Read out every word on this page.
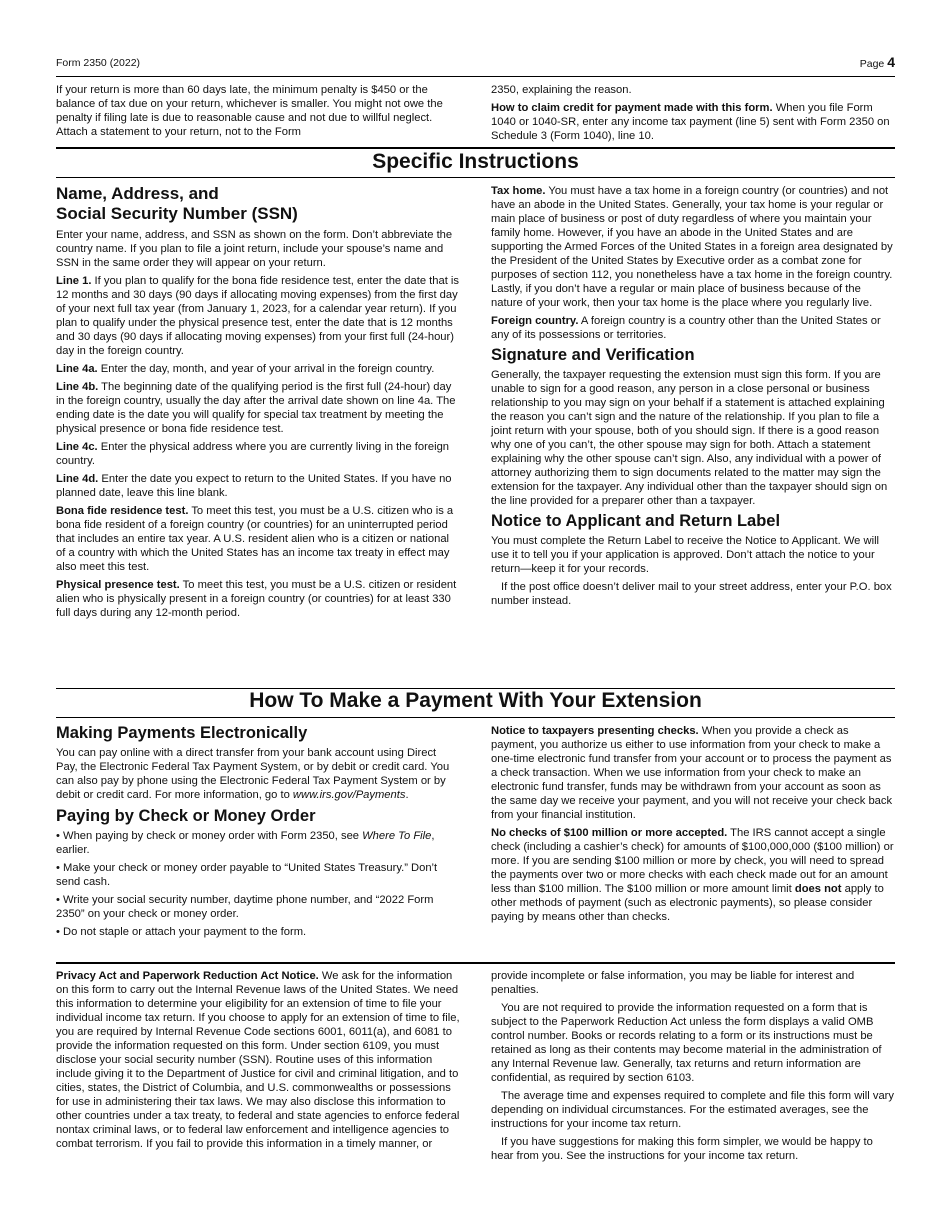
Form 2350 (2022)	Page 4

If your return is more than 60 days late, the minimum penalty is $450 or the balance of tax due on your return, whichever is smaller. You might not owe the penalty if filing late is due to reasonable cause and not due to willful neglect. Attach a statement to your return, not to the Form

2350, explaining the reason.

How to claim credit for payment made with this form. When you file Form 1040 or 1040-SR, enter any income tax payment (line 5) sent with Form 2350 on Schedule 3 (Form 1040), line 10.

Specific Instructions
Name, Address, and
Social Security Number (SSN)

Enter your name, address, and SSN as shown on the form. Don’t abbreviate the country name. If you plan to file a joint return, include your spouse’s name and SSN in the same order they will appear on your return.

Line 1. If you plan to qualify for the bona fide residence test, enter the date that is 12 months and 30 days (90 days if allocating moving expenses) from the first day of your next full tax year (from January 1, 2023, for a calendar year return). If you plan to qualify under the physical presence test, enter the date that is 12 months and 30 days (90 days if allocating moving expenses) from your first full (24-hour) day in the foreign country.

Line 4a. Enter the day, month, and year of your arrival in the foreign country.

Line 4b. The beginning date of the qualifying period is the first full (24-hour) day in the foreign country, usually the day after the arrival date shown on line 4a. The ending date is the date you will qualify for special tax treatment by meeting the physical presence or bona fide residence test.

Line 4c. Enter the physical address where you are currently living in the foreign country.

Line 4d. Enter the date you expect to return to the United States. If you have no planned date, leave this line blank.

Bona fide residence test. To meet this test, you must be a U.S. citizen who is a bona fide resident of a foreign country (or countries) for an uninterrupted period that includes an entire tax year. A U.S. resident alien who is a citizen or national of a country with which the United States has an income tax treaty in effect may also meet this test.

Physical presence test. To meet this test, you must be a U.S. citizen or resident alien who is physically present in a foreign country (or countries) for at least 330 full days during any 12-month period.

Tax home. You must have a tax home in a foreign country (or countries) and not have an abode in the United States. Generally, your tax home is your regular or main place of business or post of duty regardless of where you maintain your family home. However, if you have an abode in the United States and are supporting the Armed Forces of the United States in a foreign area designated by the President of the United States by Executive order as a combat zone for purposes of section 112, you nonetheless have a tax home in the foreign country. Lastly, if you don’t have a regular or main place of business because of the nature of your work, then your tax home is the place where you regularly live.

Foreign country. A foreign country is a country other than the United States or any of its possessions or territories.

Signature and Verification

Generally, the taxpayer requesting the extension must sign this form. If you are unable to sign for a good reason, any person in a close personal or business relationship to you may sign on your behalf if a statement is attached explaining the reason you can’t sign and the nature of the relationship. If you plan to file a joint return with your spouse, both of you should sign. If there is a good reason why one of you can’t, the other spouse may sign for both. Attach a statement explaining why the other spouse can’t sign. Also, any individual with a power of attorney authorizing them to sign documents related to the matter may sign the extension for the taxpayer. Any individual other than the taxpayer should sign on the line provided for a preparer other than a taxpayer.

Notice to Applicant and Return Label

You must complete the Return Label to receive the Notice to Applicant. We will use it to tell you if your application is approved. Don’t attach the notice to your return—keep it for your records.

If the post office doesn’t deliver mail to your street address, enter your P.O. box number instead.

How To Make a Payment With Your Extension
Making Payments Electronically

You can pay online with a direct transfer from your bank account using Direct Pay, the Electronic Federal Tax Payment System, or by debit or credit card. You can also pay by phone using the Electronic Federal Tax Payment System or by debit or credit card. For more information, go to www.irs.gov/Payments.

Paying by Check or Money Order

• When paying by check or money order with Form 2350, see Where To File, earlier.

• Make your check or money order payable to “United States Treasury.” Don’t send cash.

• Write your social security number, daytime phone number, and “2022 Form 2350” on your check or money order.

• Do not staple or attach your payment to the form.

Notice to taxpayers presenting checks. When you provide a check as payment, you authorize us either to use information from your check to make a one-time electronic fund transfer from your account or to process the payment as a check transaction. When we use information from your check to make an electronic fund transfer, funds may be withdrawn from your account as soon as the same day we receive your payment, and you will not receive your check back from your financial institution.

No checks of $100 million or more accepted. The IRS cannot accept a single check (including a cashier’s check) for amounts of $100,000,000 ($100 million) or more. If you are sending $100 million or more by check, you will need to spread the payments over two or more checks with each check made out for an amount less than $100 million. The $100 million or more amount limit does not apply to other methods of payment (such as electronic payments), so please consider paying by means other than checks.

Privacy Act and Paperwork Reduction Act Notice. We ask for the information on this form to carry out the Internal Revenue laws of the United States. We need this information to determine your eligibility for an extension of time to file your individual income tax return. If you choose to apply for an extension of time to file, you are required by Internal Revenue Code sections 6001, 6011(a), and 6081 to provide the information requested on this form. Under section 6109, you must disclose your social security number (SSN). Routine uses of this information include giving it to the Department of Justice for civil and criminal litigation, and to cities, states, the District of Columbia, and U.S. commonwealths or possessions for use in administering their tax laws. We may also disclose this information to other countries under a tax treaty, to federal and state agencies to enforce federal nontax criminal laws, or to federal law enforcement and intelligence agencies to combat terrorism. If you fail to provide this information in a timely manner, or

provide incomplete or false information, you may be liable for interest and penalties.

You are not required to provide the information requested on a form that is subject to the Paperwork Reduction Act unless the form displays a valid OMB control number. Books or records relating to a form or its instructions must be retained as long as their contents may become material in the administration of any Internal Revenue law. Generally, tax returns and return information are confidential, as required by section 6103.

The average time and expenses required to complete and file this form will vary depending on individual circumstances. For the estimated averages, see the instructions for your income tax return.

If you have suggestions for making this form simpler, we would be happy to hear from you. See the instructions for your income tax return.
